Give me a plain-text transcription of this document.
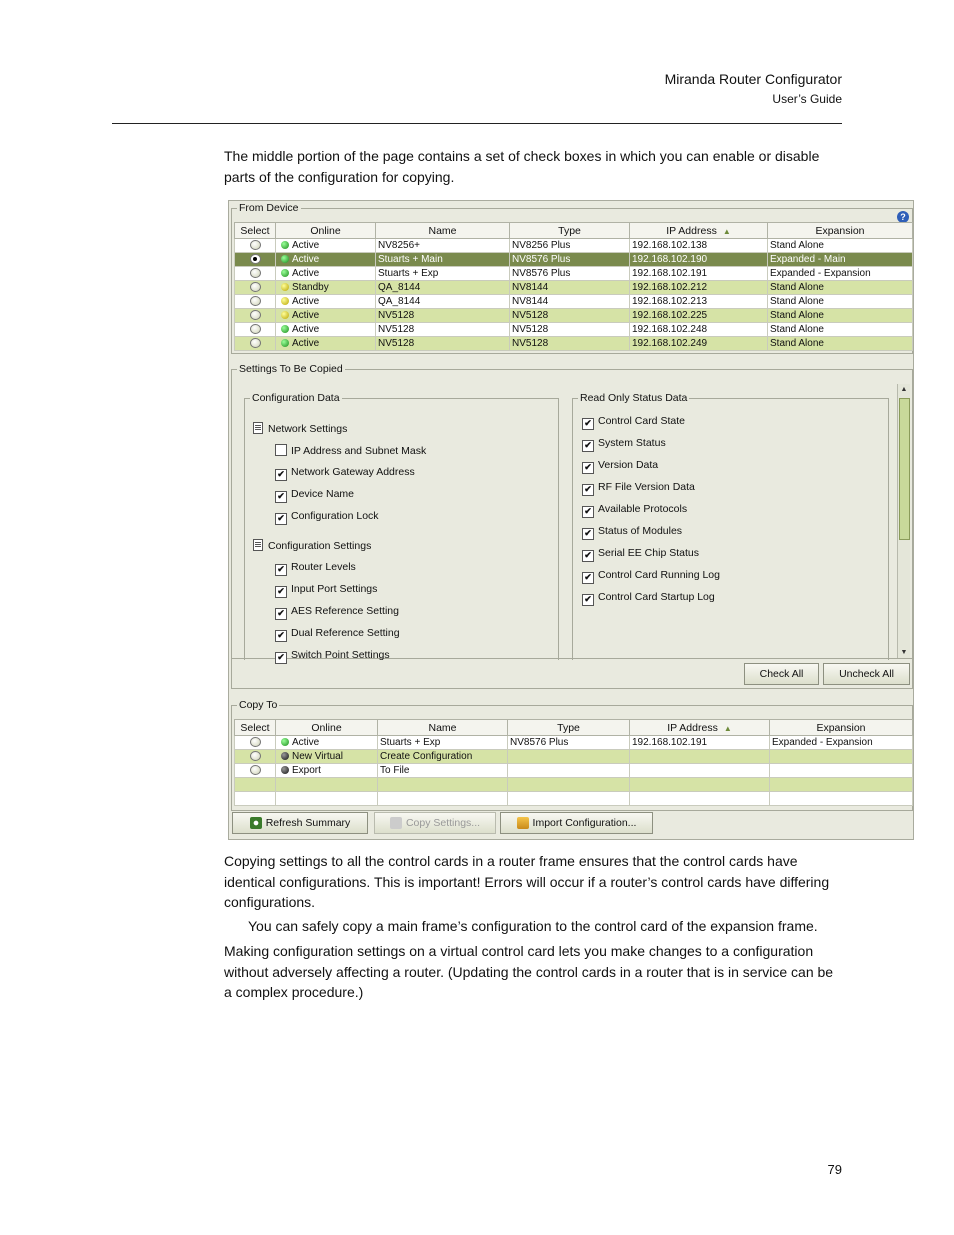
Miranda Router Configurator
User’s Guide
The middle portion of the page contains a set of check boxes in which you can enable or disable parts of the configuration for copying.
From Device
?
Select	Online	Name	Type	IP Address ▲	Expansion
	Active	NV8256+	NV8256 Plus	192.168.102.138	Stand Alone
	Active	Stuarts + Main	NV8576 Plus	192.168.102.190	Expanded - Main
	Active	Stuarts + Exp	NV8576 Plus	192.168.102.191	Expanded - Expansion
	Standby	QA_8144	NV8144	192.168.102.212	Stand Alone
	Active	QA_8144	NV8144	192.168.102.213	Stand Alone
	Active	NV5128	NV5128	192.168.102.225	Stand Alone
	Active	NV5128	NV5128	192.168.102.248	Stand Alone
	Active	NV5128	NV5128	192.168.102.249	Stand Alone
Settings To Be Copied
Configuration Data	Read Only Status Data
▲
▼
Check All	Uncheck All
Network Settings
IP Address and Subnet Mask
✔ Network Gateway Address
✔ Device Name
✔ Configuration Lock
Configuration Settings
✔ Router Levels
✔ Input Port Settings
✔ AES Reference Setting
✔ Dual Reference Setting
✔ Switch Point Settings
✔ Control Card State
✔ System Status
✔ Version Data
✔ RF File Version Data
✔ Available Protocols
✔ Status of Modules
✔ Serial EE Chip Status
✔ Control Card Running Log
✔ Control Card Startup Log
Copy To
Select	Online	Name	Type	IP Address ▲	Expansion
	Active	Stuarts + Exp	NV8576 Plus	192.168.102.191	Expanded - Expansion
	New Virtual	Create Configuration			
	Export	To File			

Refresh Summary	Copy Settings...	Import Configuration...
Copying settings to all the control cards in a router frame ensures that the control cards have identical configurations. This is important! Errors will occur if a router’s control cards have differing configurations.
You can safely copy a main frame’s configuration to the control card of the expansion frame.
Making configuration settings on a virtual control card lets you make changes to a configuration without adversely affecting a router. (Updating the control cards in a router that is in service can be a complex procedure.)
79
